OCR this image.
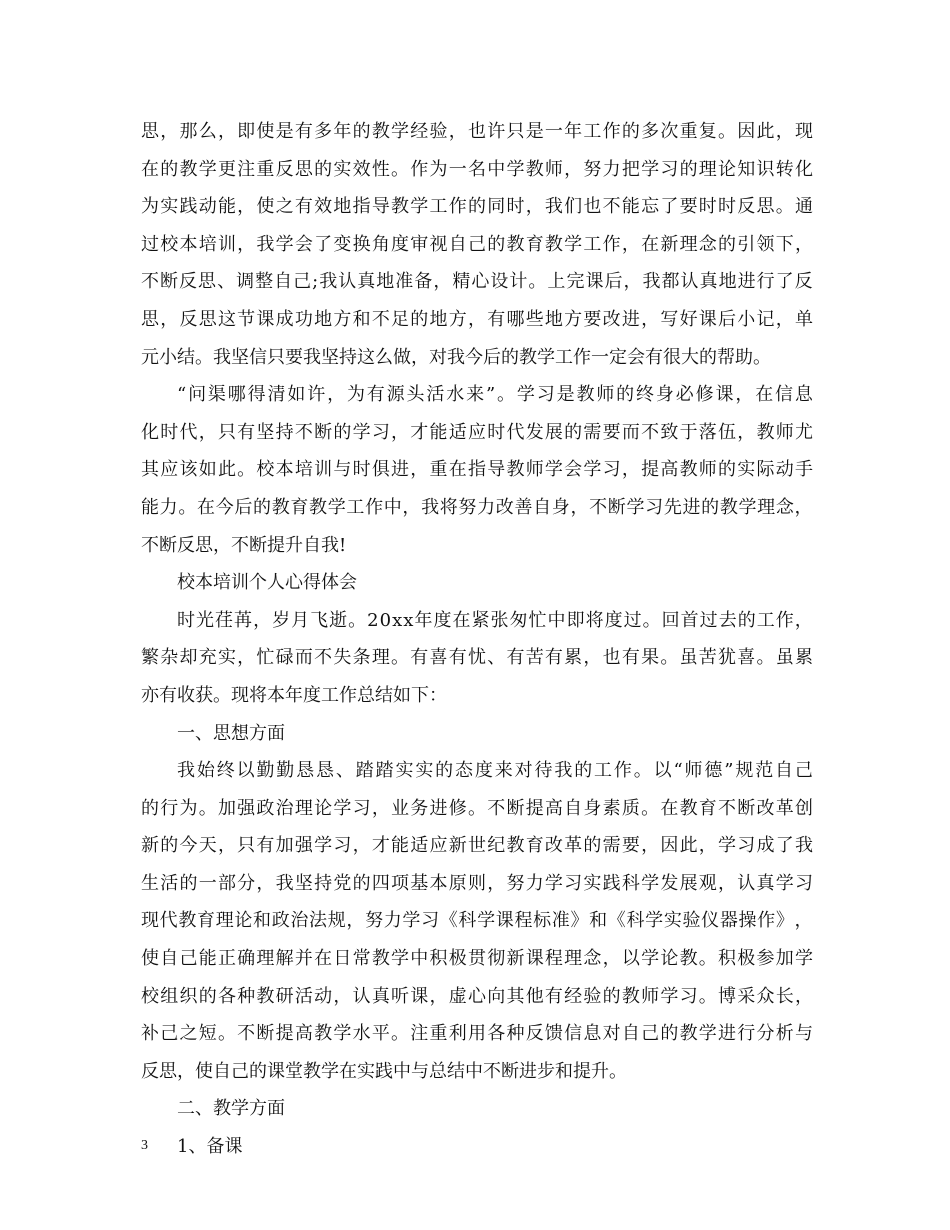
思 ， 那 么 ， 即 使 是 有 多 年 的 教 学 经 验 ， 也 许 只 是 一 年 工 作 的 多 次 重 复 。 因 此 ， 现
在 的 教 学 更 注 重 反 思 的 实 效 性 。 作 为 一 名 中 学 教 师 ， 努 力 把 学 习 的 理 论 知 识 转 化
为 实 践 动 能 ， 使 之 有 效 地 指 导 教 学 工 作 的 同 时 ， 我 们 也 不 能 忘 了 要 时 时 反 思 。 通
过 校 本 培 训 ， 我 学 会 了 变 换 角 度 审 视 自 己 的 教 育 教 学 工 作 ， 在 新 理 念 的 引 领 下 ，
不 断 反 思 、 调 整 自 己 ; 我 认 真 地 准 备 ， 精 心 设 计 。 上 完 课 后 ， 我 都 认 真 地 进 行 了 反
思 ， 反 思 这 节 课 成 功 地 方 和 不 足 的 地 方 ， 有 哪 些 地 方 要 改 进 ， 写 好 课 后 小 记 ， 单
元小结。我坚信只要我坚持这么做，对我今后的教学工作一定会有很大的帮助。
“ 问 渠 哪 得 清 如 许 ， 为 有 源 头 活 水 来 ” 。 学 习 是 教 师 的 终 身 必 修 课 ， 在 信 息
化 时 代 ， 只 有 坚 持 不 断 的 学 习 ， 才 能 适 应 时 代 发 展 的 需 要 而 不 致 于 落 伍 ， 教 师 尤
其 应 该 如 此 。 校 本 培 训 与 时 俱 进 ， 重 在 指 导 教 师 学 会 学 习 ， 提 高 教 师 的 实 际 动 手
能 力 。 在 今 后 的 教 育 教 学 工 作 中 ， 我 将 努 力 改 善 自 身 ， 不 断 学 习 先 进 的 教 学 理 念 ，
不断反思，不断提升自我!
校本培训个人心得体会
时 光 荏 苒 ， 岁 月 飞 逝 。 2 0 x x 年 度 在 紧 张 匆 忙 中 即 将 度 过 。 回 首 过 去 的 工 作 ，
繁 杂 却 充 实 ， 忙 碌 而 不 失 条 理 。 有 喜 有 忧 、 有 苦 有 累 ， 也 有 果 。 虽 苦 犹 喜 。 虽 累
亦有收获。现将本年度工作总结如下：
一、思想方面
我 始 终 以 勤 勤 恳 恳 、 踏 踏 实 实 的 态 度 来 对 待 我 的 工 作 。 以 “ 师 德 ” 规 范 自 己
的 行 为 。 加 强 政 治 理 论 学 习 ， 业 务 进 修 。 不 断 提 高 自 身 素 质 。 在 教 育 不 断 改 革 创
新 的 今 天 ， 只 有 加 强 学 习 ， 才 能 适 应 新 世 纪 教 育 改 革 的 需 要 ， 因 此 ， 学 习 成 了 我
生 活 的 一 部 分 ， 我 坚 持 党 的 四 项 基 本 原 则 ， 努 力 学 习 实 践 科 学 发 展 观 ， 认 真 学 习
现 代 教 育 理 论 和 政 治 法 规 ， 努 力 学 习 《 科 学 课 程 标 准 》 和 《 科 学 实 验 仪 器 操 作 》 ，
使 自 己 能 正 确 理 解 并 在 日 常 教 学 中 积 极 贯 彻 新 课 程 理 念 ， 以 学 论 教 。 积 极 参 加 学
校 组 织 的 各 种 教 研 活 动 ， 认 真 听 课 ， 虚 心 向 其 他 有 经 验 的 教 师 学 习 。 博 采 众 长 ，
补 己 之 短 。 不 断 提 高 教 学 水 平 。 注 重 利 用 各 种 反 馈 信 息 对 自 己 的 教 学 进 行 分 析 与
反思，使自己的课堂教学在实践中与总结中不断进步和提升。
二、教学方面
1、备课
3
